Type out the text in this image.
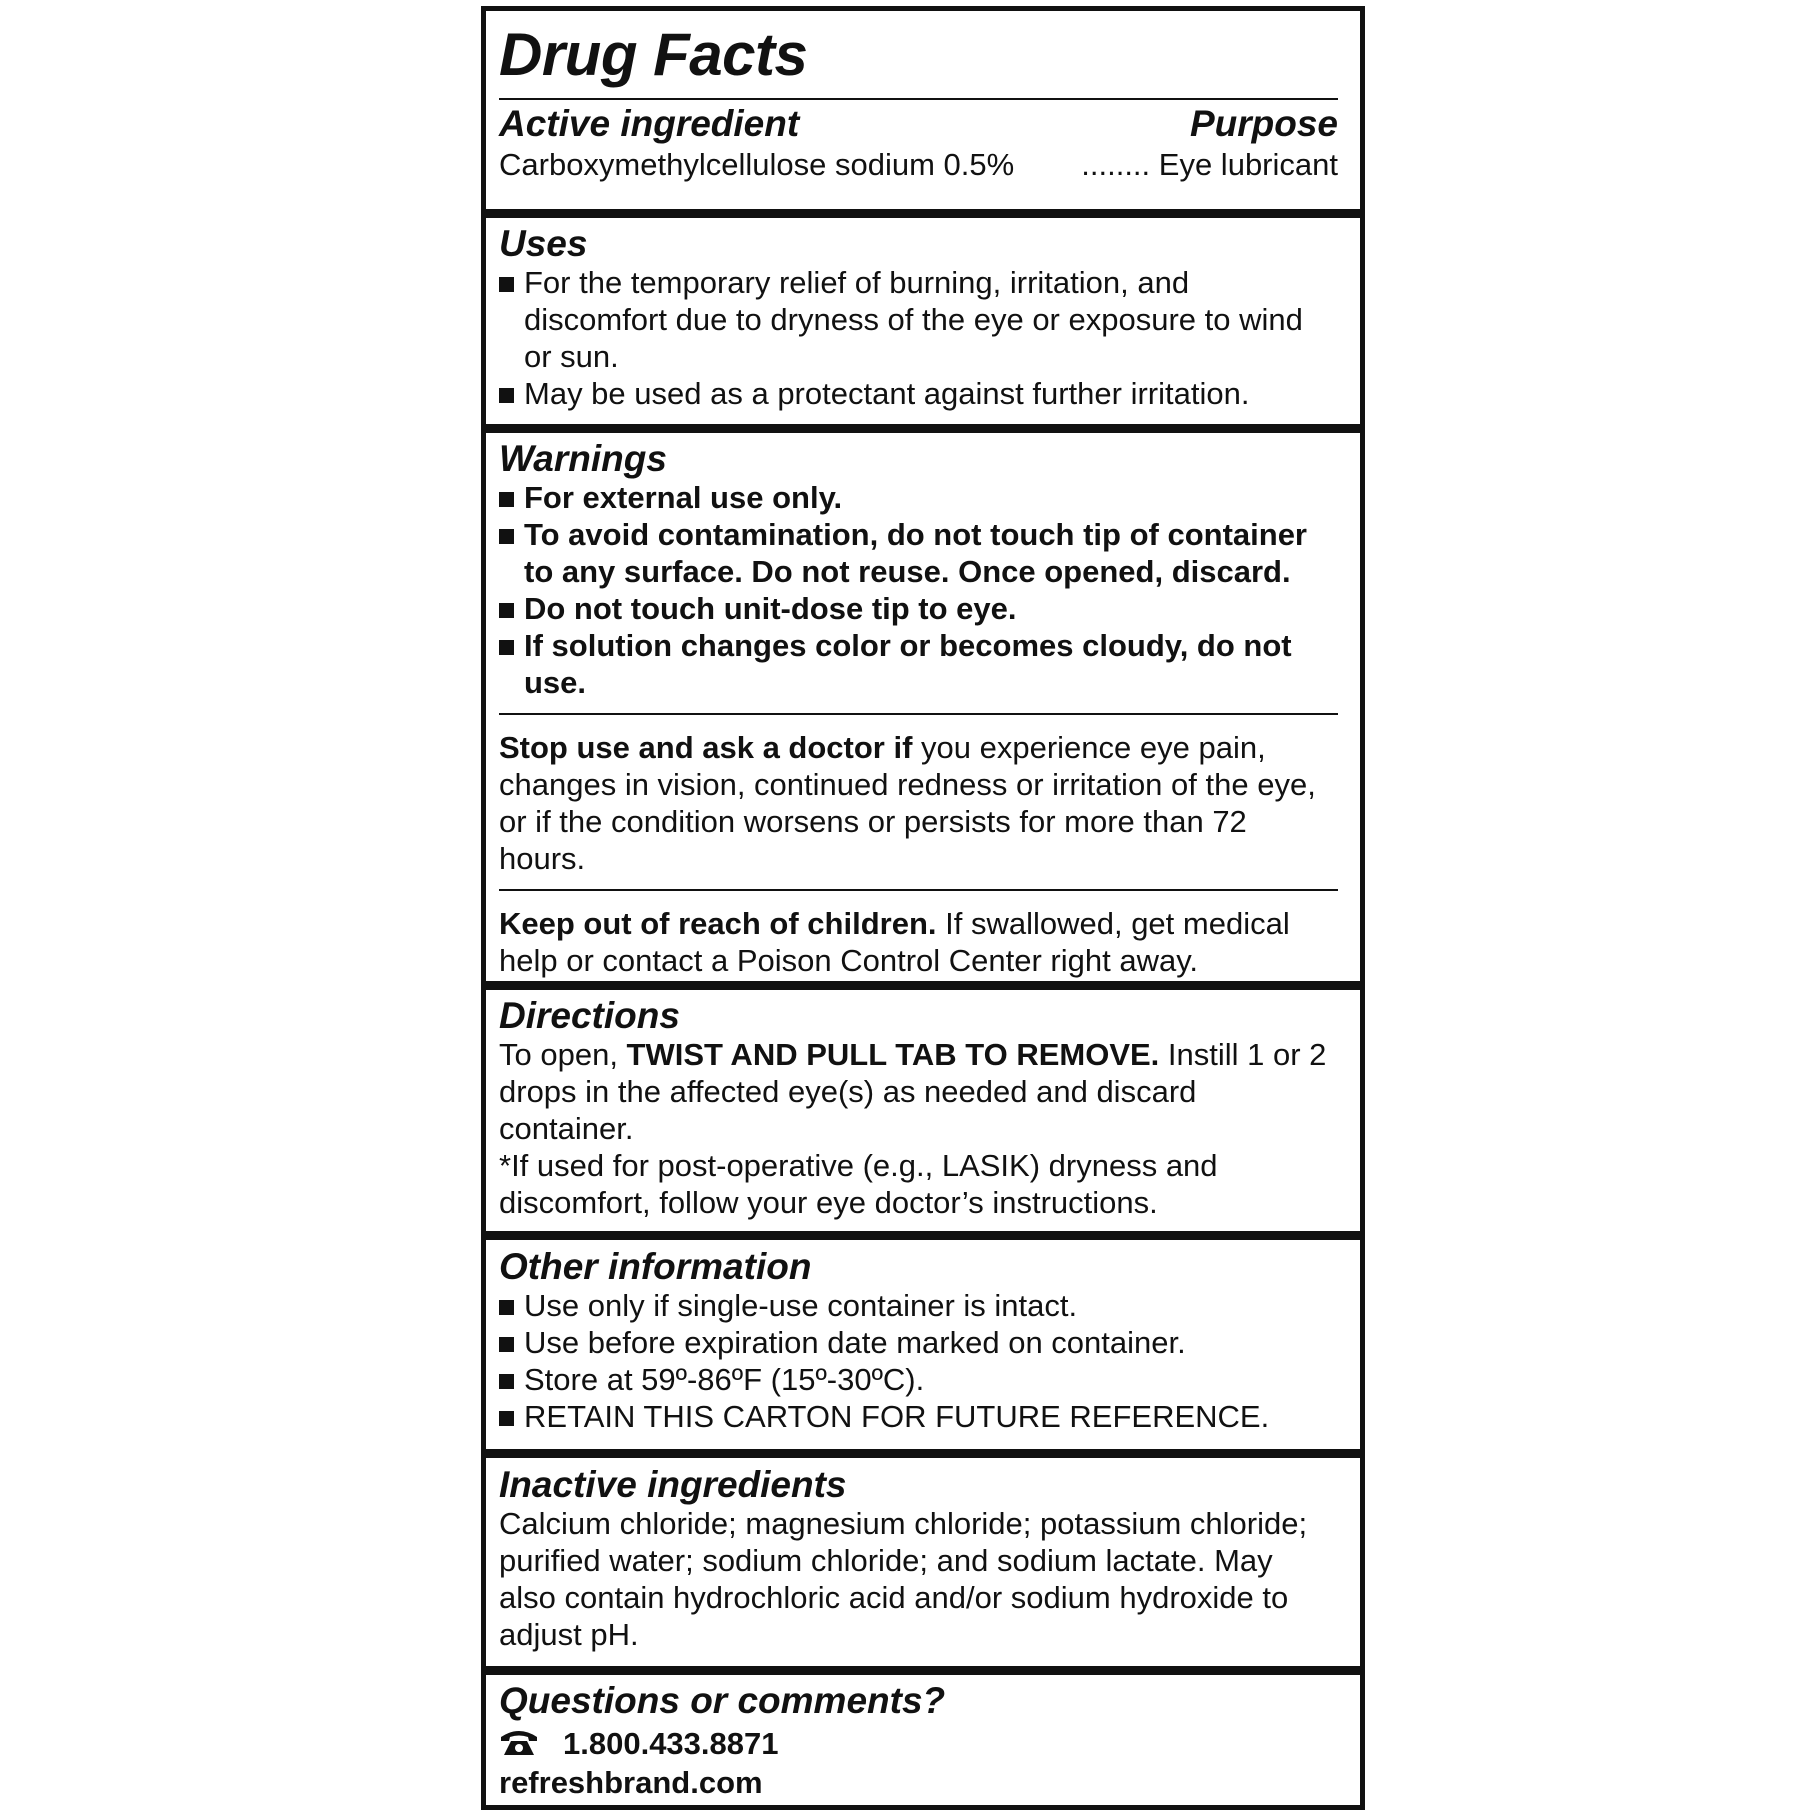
Drug Facts
Active ingredient	Purpose
Carboxymethylcellulose sodium 0.5% ........ Eye lubricant
Uses
For the temporary relief of burning, irritation, and discomfort due to dryness of the eye or exposure to wind or sun.
May be used as a protectant against further irritation.
Warnings
For external use only.
To avoid contamination, do not touch tip of container to any surface. Do not reuse. Once opened, discard.
Do not touch unit-dose tip to eye.
If solution changes color or becomes cloudy, do not use.

Stop use and ask a doctor if you experience eye pain, changes in vision, continued redness or irritation of the eye, or if the condition worsens or persists for more than 72 hours.

Keep out of reach of children. If swallowed, get medical help or contact a Poison Control Center right away.

Directions

To open, TWIST AND PULL TAB TO REMOVE. Instill 1 or 2 drops in the affected eye(s) as needed and discard container.

*If used for post-operative (e.g., LASIK) dryness and discomfort, follow your eye doctor’s instructions.

Other information
Use only if single-use container is intact.
Use before expiration date marked on container.
Store at 59º-86ºF (15º-30ºC).
RETAIN THIS CARTON FOR FUTURE REFERENCE.
Inactive ingredients

Calcium chloride; magnesium chloride; potassium chloride; purified water; sodium chloride; and sodium lactate. May also contain hydrochloric acid and/or sodium hydroxide to adjust pH.

Questions or comments?
1.800.433.8871
refreshbrand.com
